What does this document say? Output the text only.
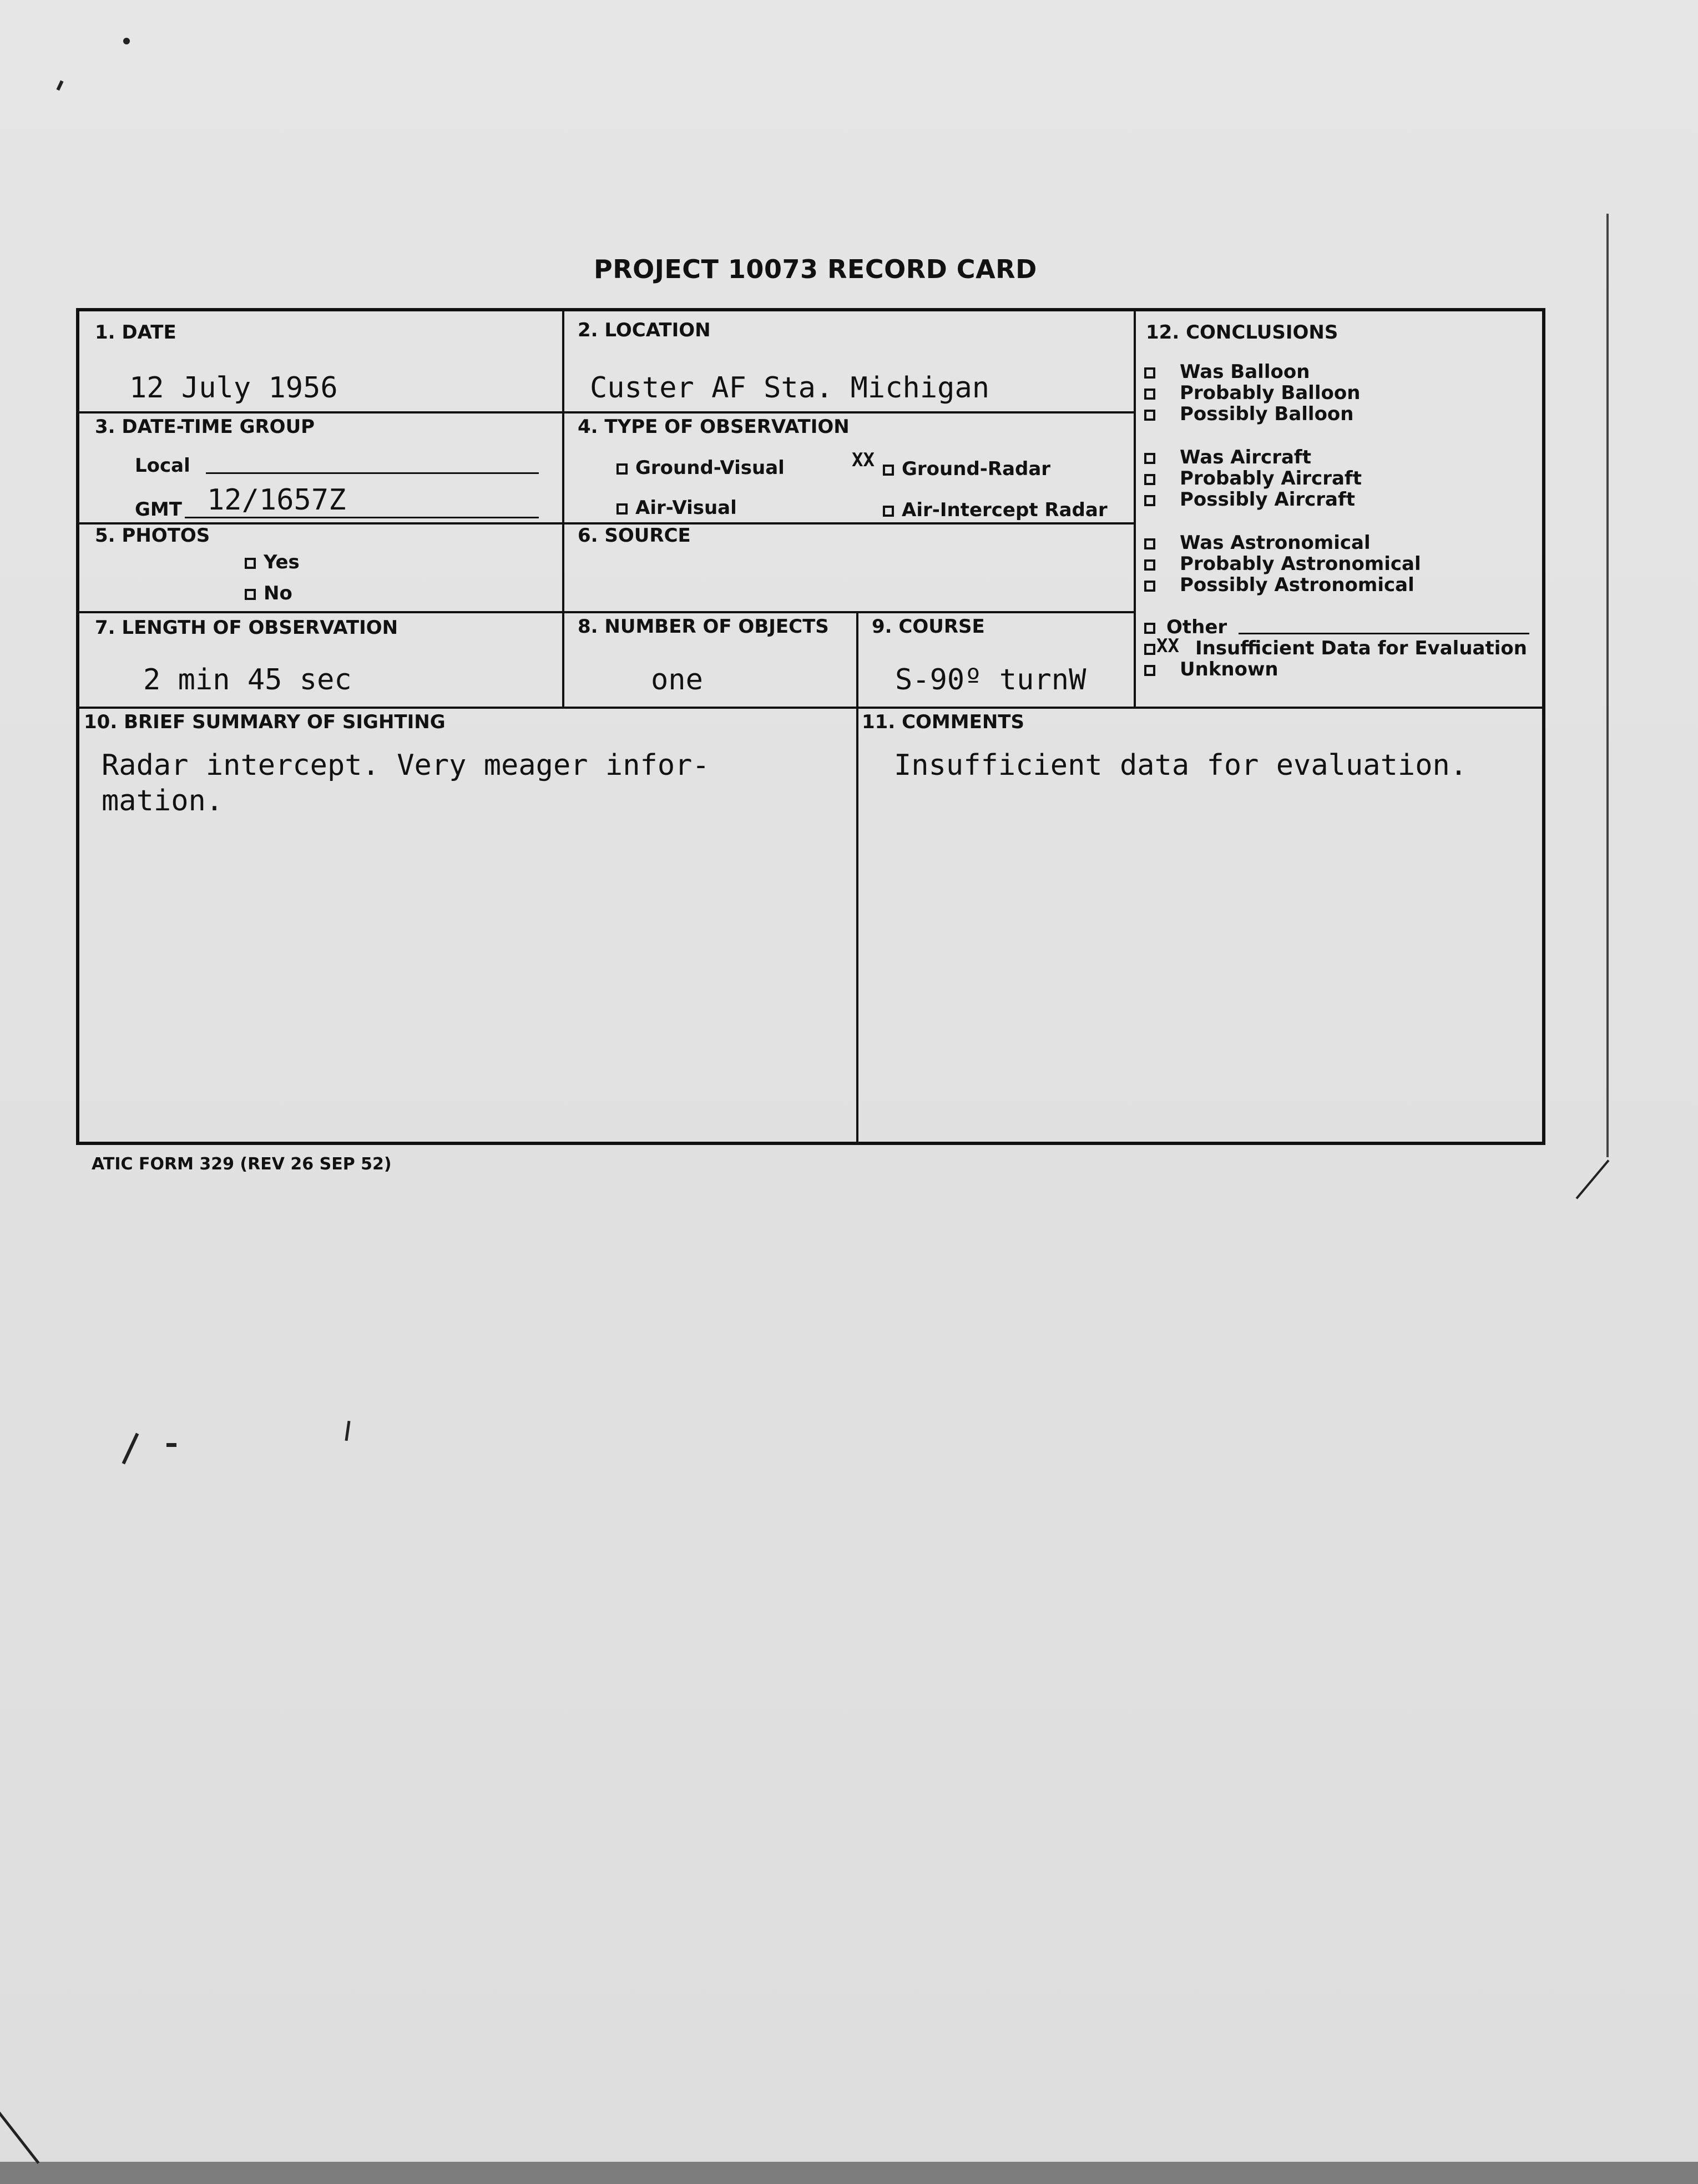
PROJECT 10073 RECORD CARD
1. DATE
12 July 1956
2. LOCATION
Custer AF Sta. Michigan
12. CONCLUSIONS
3. DATE-TIME GROUP
Local
GMT 12/1657Z
4. TYPE OF OBSERVATION
Ground-Visual	XX	Ground-Radar
Air-Visual	Air-Intercept Radar
5. PHOTOS
Yes
No
6. SOURCE
7. LENGTH OF OBSERVATION
2 min 45 sec
8. NUMBER OF OBJECTS
one
9. COURSE
S-90º turnW
10. BRIEF SUMMARY OF SIGHTING
Radar intercept. Very meager infor-
mation.
11. COMMENTS
Insufficient data for evaluation.
Was Balloon
Probably Balloon
Possibly Balloon
Was Aircraft
Probably Aircraft
Possibly Aircraft
Was Astronomical
Probably Astronomical
Possibly Astronomical
Other
XX Insufficient Data for Evaluation
Unknown
ATIC FORM 329 (REV 26 SEP 52)
